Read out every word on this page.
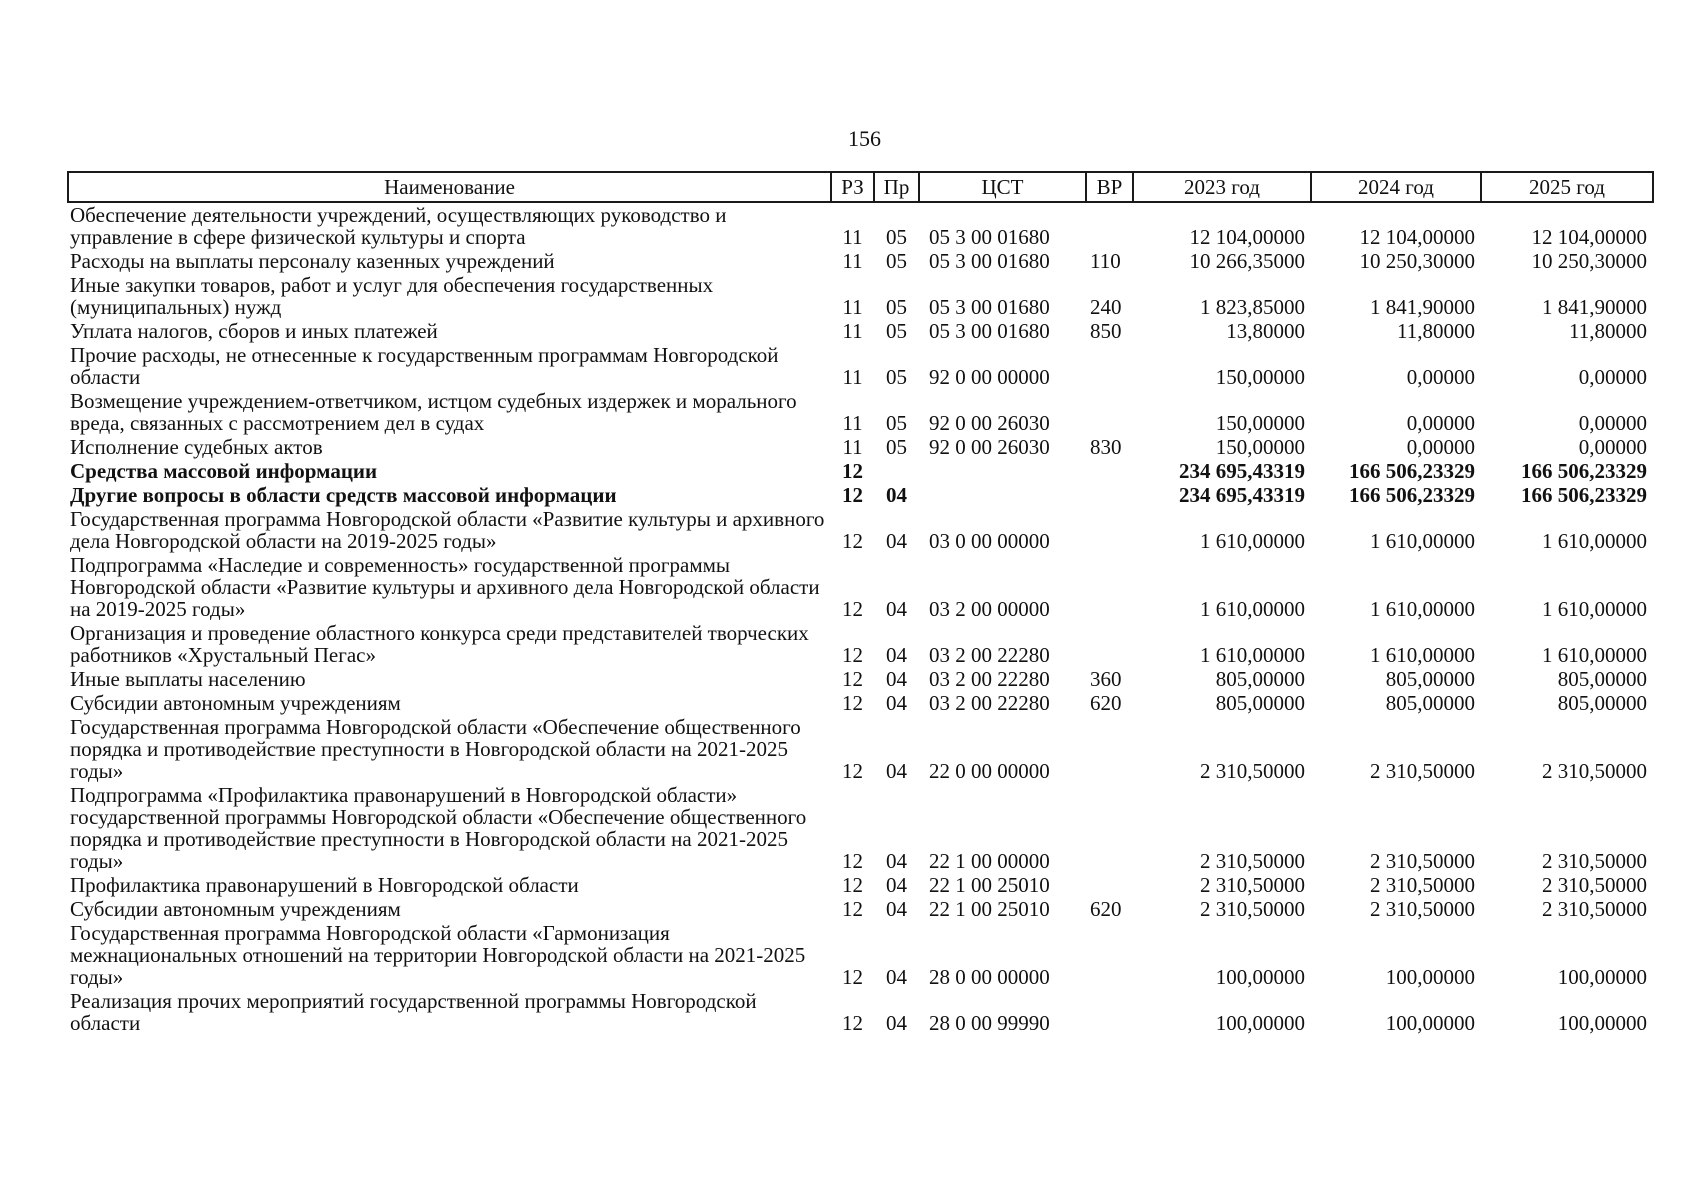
156
Наименование	РЗ	Пр	ЦСТ	ВР	2023 год	2024 год	2025 год
Обеспечение деятельности учреждений, осуществляющих руководство и управление в сфере физической культуры и спорта	11	05	05 3 00 01680		12 104,00000	12 104,00000	12 104,00000
Расходы на выплаты персоналу казенных учреждений	11	05	05 3 00 01680	110	10 266,35000	10 250,30000	10 250,30000
Иные закупки товаров, работ и услуг для обеспечения государственных (муниципальных) нужд	11	05	05 3 00 01680	240	1 823,85000	1 841,90000	1 841,90000
Уплата налогов, сборов и иных платежей	11	05	05 3 00 01680	850	13,80000	11,80000	11,80000
Прочие расходы, не отнесенные к государственным программам Новгородской области	11	05	92 0 00 00000		150,00000	0,00000	0,00000
Возмещение учреждением-ответчиком, истцом судебных издержек и морального вреда, связанных с рассмотрением дел в судах	11	05	92 0 00 26030		150,00000	0,00000	0,00000
Исполнение судебных актов	11	05	92 0 00 26030	830	150,00000	0,00000	0,00000
Средства массовой информации	12				234 695,43319	166 506,23329	166 506,23329
Другие вопросы в области средств массовой информации	12	04			234 695,43319	166 506,23329	166 506,23329
Государственная программа Новгородской области «Развитие культуры и архивного дела Новгородской области на 2019-2025 годы»	12	04	03 0 00 00000		1 610,00000	1 610,00000	1 610,00000
Подпрограмма «Наследие и современность» государственной программы Новгородской области «Развитие культуры и архивного дела Новгородской области на 2019-2025 годы»	12	04	03 2 00 00000		1 610,00000	1 610,00000	1 610,00000
Организация и проведение областного конкурса среди представителей творческих работников «Хрустальный Пегас»	12	04	03 2 00 22280		1 610,00000	1 610,00000	1 610,00000
Иные выплаты населению	12	04	03 2 00 22280	360	805,00000	805,00000	805,00000
Субсидии автономным учреждениям	12	04	03 2 00 22280	620	805,00000	805,00000	805,00000
Государственная программа Новгородской области «Обеспечение общественного порядка и противодействие преступности в Новгородской области на 2021-2025 годы»	12	04	22 0 00 00000		2 310,50000	2 310,50000	2 310,50000
Подпрограмма «Профилактика правонарушений в Новгородской области» государственной программы Новгородской области «Обеспечение общественного порядка и противодействие преступности в Новгородской области на 2021-2025 годы»	12	04	22 1 00 00000		2 310,50000	2 310,50000	2 310,50000
Профилактика правонарушений в Новгородской области	12	04	22 1 00 25010		2 310,50000	2 310,50000	2 310,50000
Субсидии автономным учреждениям	12	04	22 1 00 25010	620	2 310,50000	2 310,50000	2 310,50000
Государственная программа Новгородской области «Гармонизация межнациональных отношений на территории Новгородской области на 2021-2025 годы»	12	04	28 0 00 00000		100,00000	100,00000	100,00000
Реализация прочих мероприятий государственной программы Новгородской области	12	04	28 0 00 99990		100,00000	100,00000	100,00000
